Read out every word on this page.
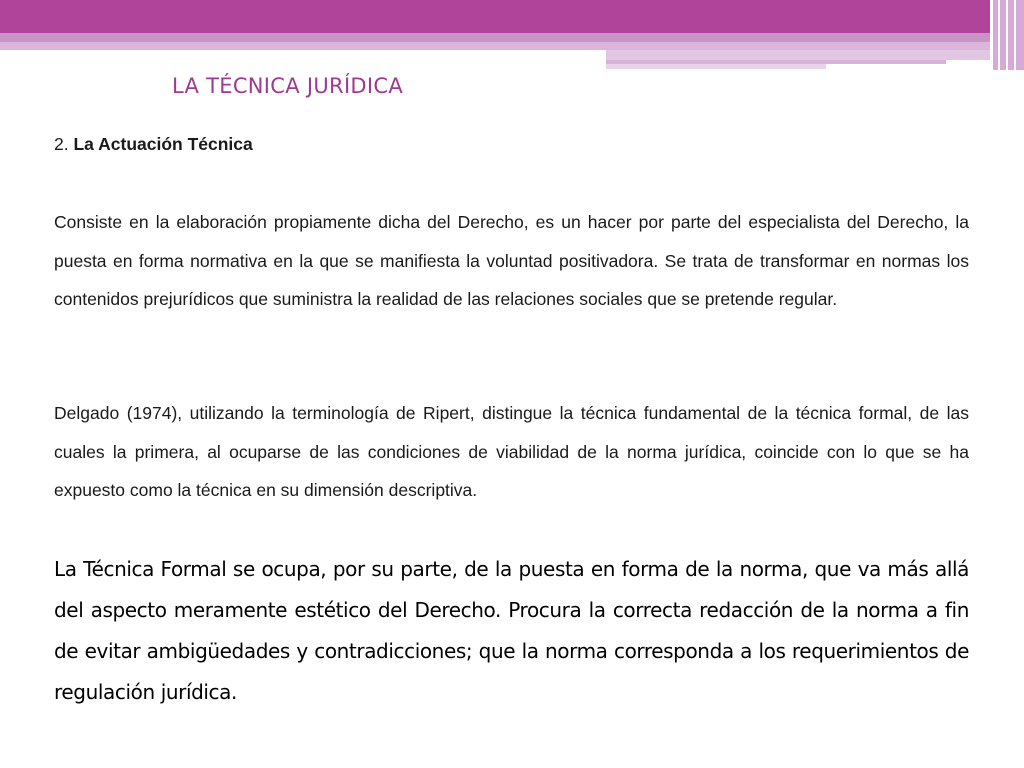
LA TÉCNICA JURÍDICA
2. La Actuación Técnica

Consiste en la elaboración propiamente dicha del Derecho, es un hacer por parte del especialista del Derecho, la puesta en forma normativa en la que se manifiesta la voluntad positivadora. Se trata de transformar en normas los contenidos prejurídicos que suministra la realidad de las relaciones sociales que se pretende regular.

Delgado (1974), utilizando la terminología de Ripert, distingue la técnica fundamental de la técnica formal, de las cuales la primera, al ocuparse de las condiciones de viabilidad de la norma jurídica, coincide con lo que se ha expuesto como la técnica en su dimensión descriptiva.

La Técnica Formal se ocupa, por su parte, de la puesta en forma de la norma, que va más allá del aspecto meramente estético del Derecho. Procura la correcta redacción de la norma a fin de evitar ambigüedades y contradicciones; que la norma corresponda a los requerimientos de regulación jurídica.
